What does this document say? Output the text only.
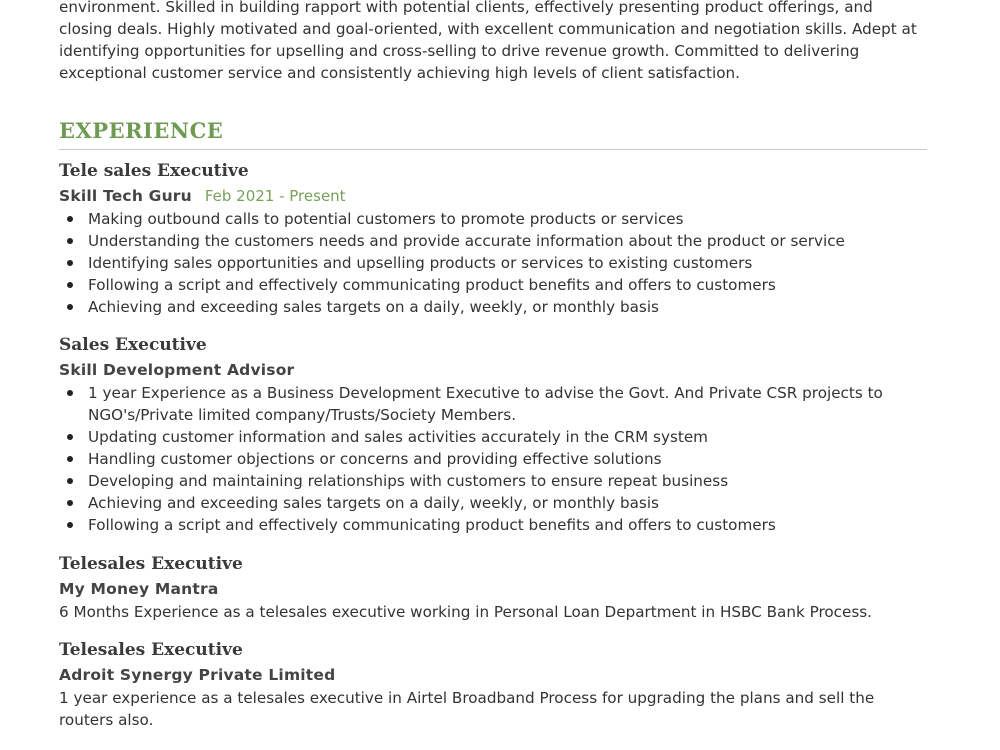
environment. Skilled in building rapport with potential clients, effectively presenting product offerings, and closing deals. Highly motivated and goal-oriented, with excellent communication and negotiation skills. Adept at identifying opportunities for upselling and cross-selling to drive revenue growth. Committed to delivering exceptional customer service and consistently achieving high levels of client satisfaction.

EXPERIENCE
Tele sales Executive
Skill Tech Guru Feb 2021 - Present
Making outbound calls to potential customers to promote products or services
Understanding the customers needs and provide accurate information about the product or service
Identifying sales opportunities and upselling products or services to existing customers
Following a script and effectively communicating product benefits and offers to customers
Achieving and exceeding sales targets on a daily, weekly, or monthly basis
Sales Executive
Skill Development Advisor
1 year Experience as a Business Development Executive to advise the Govt. And Private CSR projects to NGO's/Private limited company/Trusts/Society Members.
Updating customer information and sales activities accurately in the CRM system
Handling customer objections or concerns and providing effective solutions
Developing and maintaining relationships with customers to ensure repeat business
Achieving and exceeding sales targets on a daily, weekly, or monthly basis
Following a script and effectively communicating product benefits and offers to customers
Telesales Executive
My Money Mantra

6 Months Experience as a telesales executive working in Personal Loan Department in HSBC Bank Process.

Telesales Executive
Adroit Synergy Private Limited

1 year experience as a telesales executive in Airtel Broadband Process for upgrading the plans and sell the routers also.
